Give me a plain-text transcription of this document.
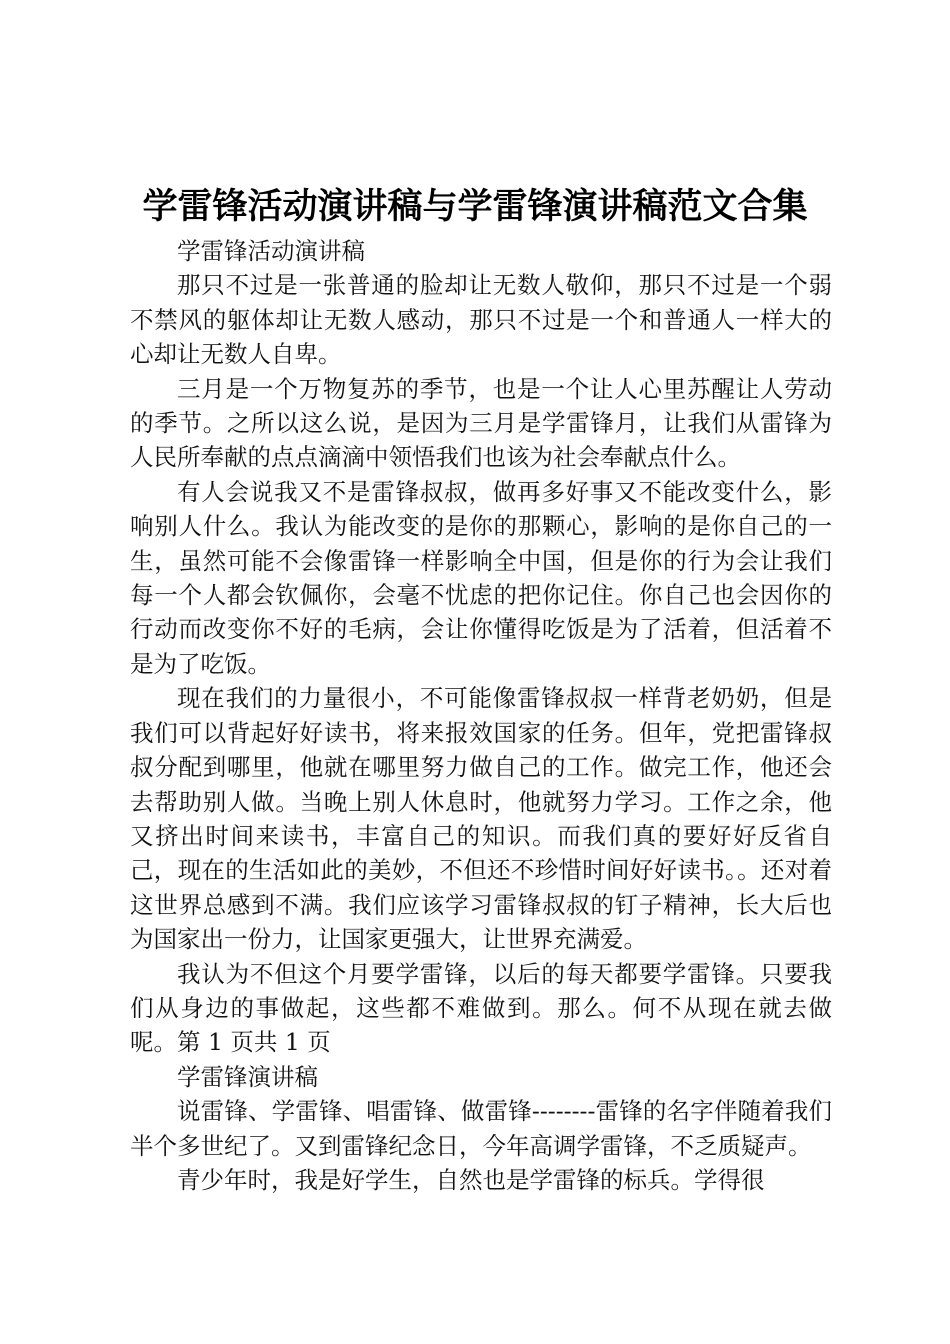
学雷锋活动演讲稿与学雷锋演讲稿范文合集

学雷锋活动演讲稿

那只不过是一张普通的脸却让无数人敬仰，那只不过是一个弱不禁风的躯体却让无数人感动，那只不过是一个和普通人一样大的心却让无数人自卑。

三月是一个万物复苏的季节，也是一个让人心里苏醒让人劳动的季节。之所以这么说，是因为三月是学雷锋月，让我们从雷锋为人民所奉献的点点滴滴中领悟我们也该为社会奉献点什么。

有人会说我又不是雷锋叔叔，做再多好事又不能改变什么，影响别人什么。我认为能改变的是你的那颗心，影响的是你自己的一生，虽然可能不会像雷锋一样影响全中国，但是你的行为会让我们每一个人都会钦佩你，会毫不忧虑的把你记住。你自己也会因你的行动而改变你不好的毛病，会让你懂得吃饭是为了活着，但活着不是为了吃饭。

现在我们的力量很小，不可能像雷锋叔叔一样背老奶奶，但是我们可以背起好好读书，将来报效国家的任务。但年，党把雷锋叔叔分配到哪里，他就在哪里努力做自己的工作。做完工作，他还会去帮助别人做。当晚上别人休息时，他就努力学习。工作之余，他又挤出时间来读书，丰富自己的知识。而我们真的要好好反省自己，现在的生活如此的美妙，不但还不珍惜时间好好读书。。还对着这世界总感到不满。我们应该学习雷锋叔叔的钉子精神，长大后也为国家出一份力，让国家更强大，让世界充满爱。

我认为不但这个月要学雷锋，以后的每天都要学雷锋。只要我们从身边的事做起，这些都不难做到。那么。何不从现在就去做呢。第 1 页共 1 页

学雷锋演讲稿

说雷锋、学雷锋、唱雷锋、做雷锋--------雷锋的名字伴随着我们半个多世纪了。又到雷锋纪念日，今年高调学雷锋，不乏质疑声。

青少年时，我是好学生，自然也是学雷锋的标兵。学得很
